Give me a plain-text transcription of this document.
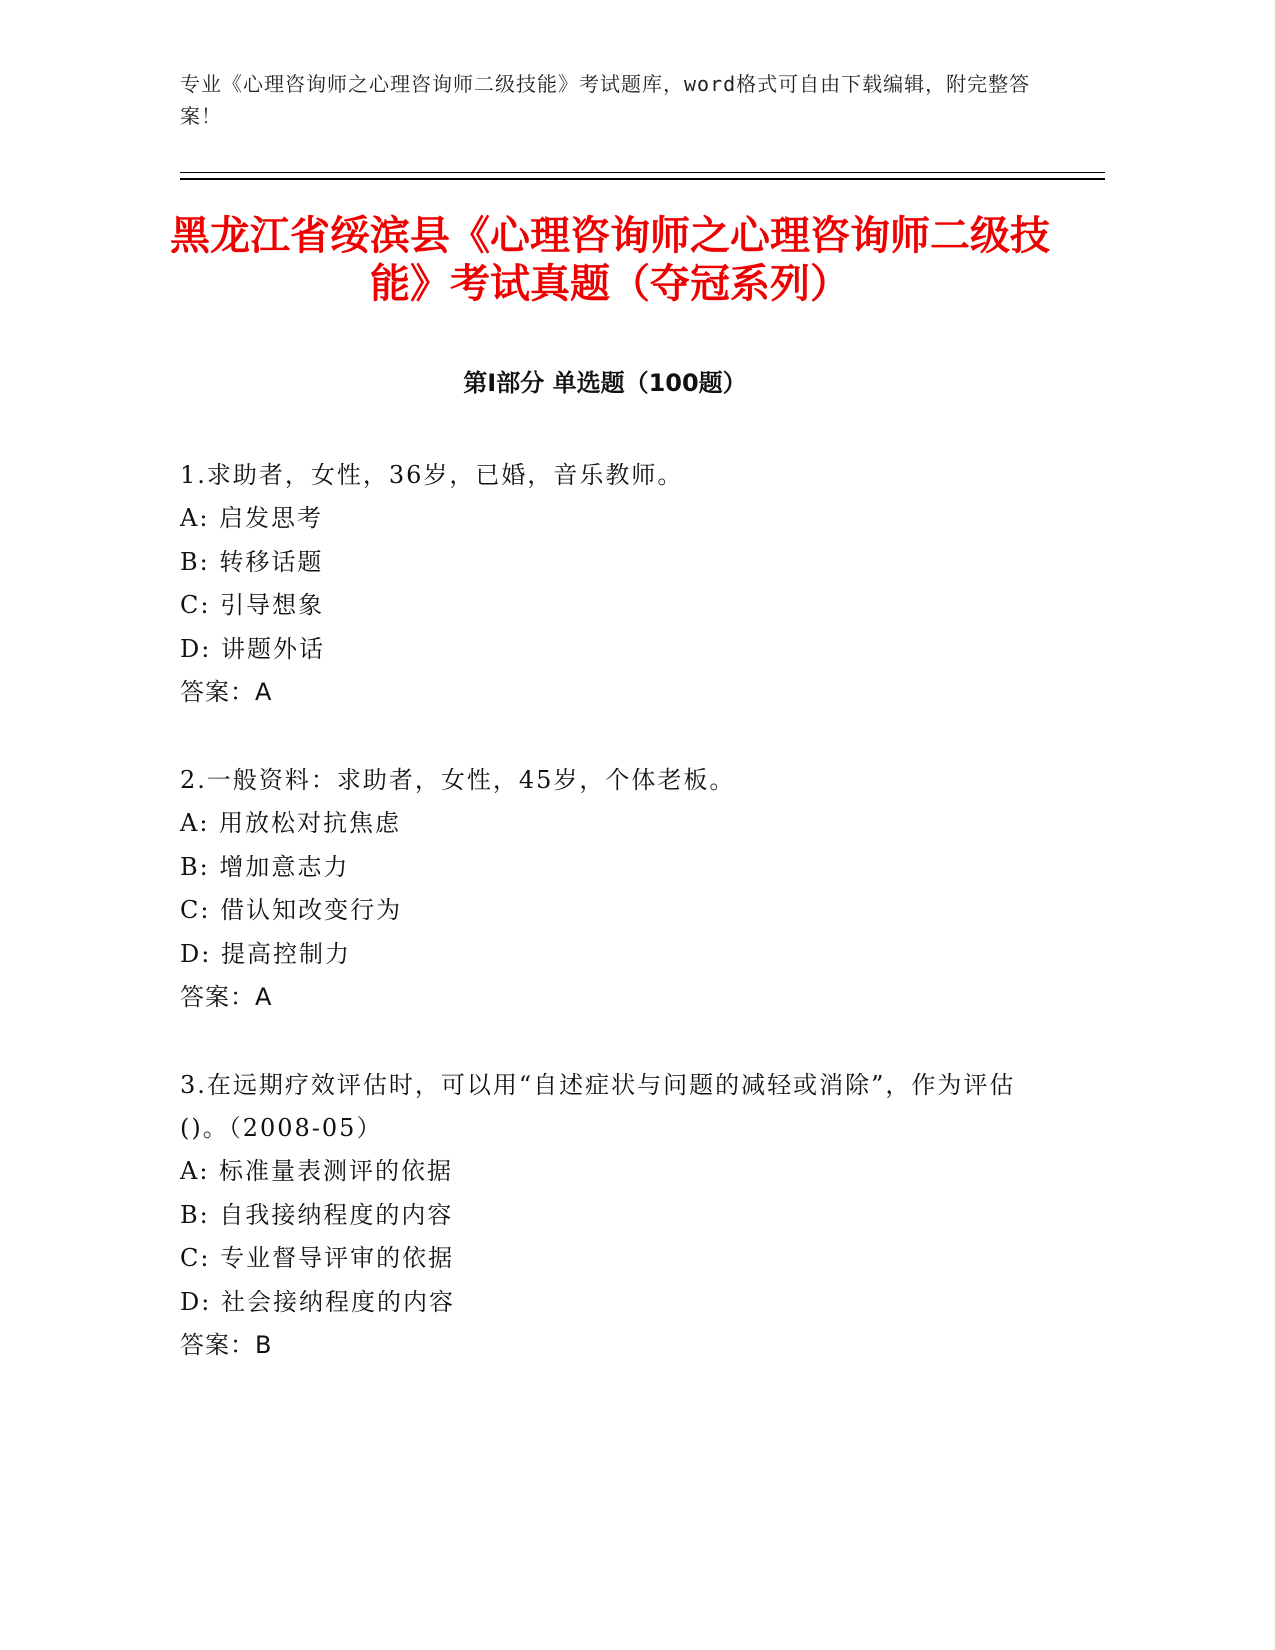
专业《心理咨询师之心理咨询师二级技能》考试题库，word格式可自由下载编辑，附完整答案！
黑龙江省绥滨县《心理咨询师之心理咨询师二级技能》考试真题（夺冠系列）
第Ⅰ部分 单选题（100题）

1.求助者，女性，36岁，已婚，音乐教师。

A: 启发思考

B: 转移话题

C: 引导想象

D: 讲题外话

答案：A

2.一般资料：求助者，女性，45岁，个体老板。

A: 用放松对抗焦虑

B: 增加意志力

C: 借认知改变行为

D: 提高控制力

答案：A

3.在远期疗效评估时，可以用“自述症状与问题的减轻或消除”，作为评估()。（2008-05）

A: 标准量表测评的依据

B: 自我接纳程度的内容

C: 专业督导评审的依据

D: 社会接纳程度的内容

答案：B
